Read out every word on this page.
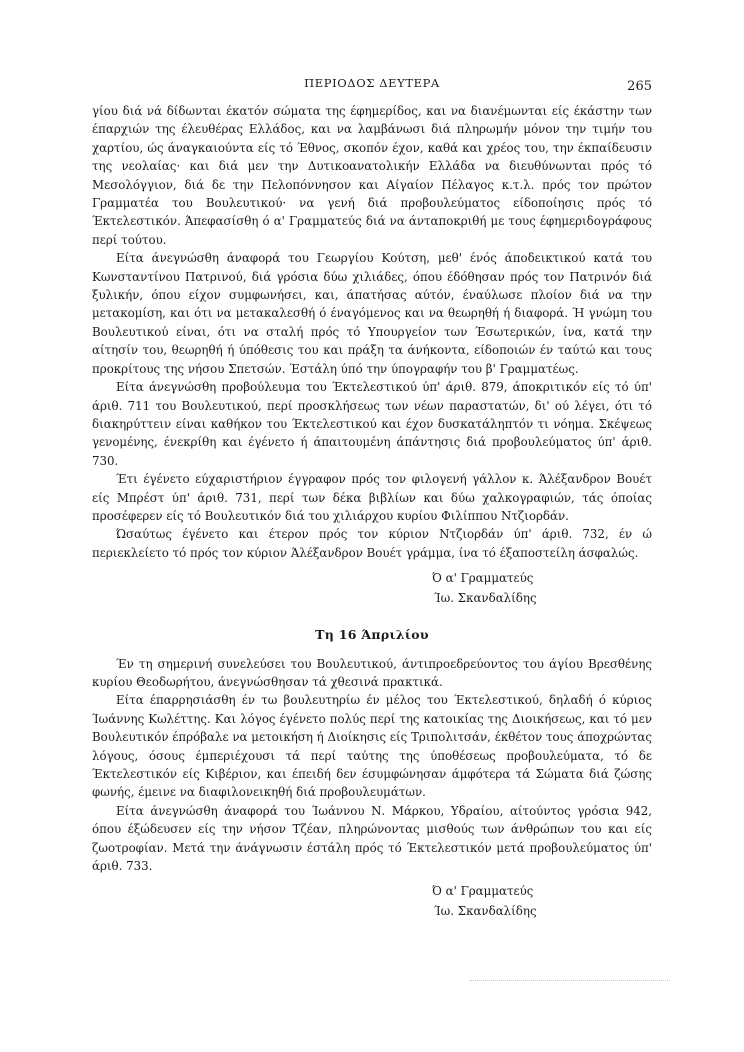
ΠΕΡΙΟΔΟΣ ΔΕΥΤΕΡΑ	265

γίου διά νά δίδωνται έκατόν σώματα της έφημερίδος, και να διανέμωνται είς έκάστην των έπαρχιών της έλευθέρας Ελλάδος, και να λαμβάνωσι διά πληρωμήν μόνον την τιμήν του χαρτίου, ώς άναγκαιούντα είς τό Έθνος, σκοπόν έχον, καθά και χρέος του, την έκπαίδευσιν της νεολαίας· και διά μεν την Δυτικοανατολικήν Ελλάδα να διευθύνωνται πρός τό Μεσολόγγιον, διά δε την Πελοπόννησον και Αίγαίον Πέλαγος κ.τ.λ. πρός τον πρώτον Γραμματέα του Βουλευτικού· να γενή διά προβουλεύματος είδοποίησις πρός τό Έκτελεστικόν. Άπεφασίσθη ό α' Γραμματεύς διά να άνταποκριθή με τους έφημεριδογράφους περί τούτου.

Είτα άνεγνώσθη άναφορά του Γεωργίου Κούτση, μεθ' ένός άποδεικτικού κατά του Κωνσταντίνου Πατρινού, διά γρόσια δύω χιλιάδες, όπου έδόθησαν πρός τον Πατρινόν διά ξυλικήν, όπου είχον συμφωνήσει, και, άπατήσας αύτόν, έναύλωσε πλοίον διά να την μετακομίση, και ότι να μετακαλεσθή ό έναγόμενος και να θεωρηθή ή διαφορά. Ή γνώμη του Βουλευτικού είναι, ότι να σταλή πρός τό Υπουργείον των Έσωτερικών, ίνα, κατά την αίτησίν του, θεωρηθή ή ύπόθεσις του και πράξη τα άνήκοντα, είδοποιών έν ταύτώ και τους προκρίτους της νήσου Σπετσών. Έστάλη ύπό την ύπογραφήν του β' Γραμματέως.

Είτα άνεγνώσθη προβούλευμα του Έκτελεστικού ύπ' άριθ. 879, άποκριτικόν είς τό ύπ' άριθ. 711 του Βουλευτικού, περί προσκλήσεως των νέων παραστατών, δι' ού λέγει, ότι τό διακηρύττειν είναι καθήκον του Έκτελεστικού και έχον δυσκατάληπτόν τι νόημα. Σκέψεως γενομένης, ένεκρίθη και έγένετο ή άπαιτουμένη άπάντησις διά προβουλεύματος ύπ' άριθ. 730.

Έτι έγένετο εύχαριστήριον έγγραφον πρός τον φιλογενή γάλλον κ. Άλέξανδρον Βουέτ είς Μπρέστ ύπ' άριθ. 731, περί των δέκα βιβλίων και δύω χαλκογραφιών, τάς όποίας προσέφερεν είς τό Βουλευτικόν διά του χιλιάρχου κυρίου Φιλίππου Ντζιορδάν.

Ώσαύτως έγένετο και έτερον πρός τον κύριον Ντζιορδάν ύπ' άριθ. 732, έν ώ περιεκλείετο τό πρός τον κύριον Άλέξανδρον Βουέτ γράμμα, ίνα τό έξαποστείλη άσφαλώς.

Ό α' Γραμματεύς
Ίω. Σκανδαλίδης
Τη 16 Άπριλίου

Έν τη σημερινή συνελεύσει του Βουλευτικού, άντιπροεδρεύοντος του άγίου Βρεσθένης κυρίου Θεοδωρήτου, άνεγνώσθησαν τά χθεσινά πρακτικά.

Είτα έπαρρησιάσθη έν τω βουλευτηρίω έν μέλος του Έκτελεστικού, δηλαδή ό κύριος Ίωάννης Κωλέττης. Και λόγος έγένετο πολύς περί της κατοικίας της Διοικήσεως, και τό μεν Βουλευτικόν έπρόβαλε να μετοικήση ή Διοίκησις είς Τριπολιτσάν, έκθέτον τους άποχρώντας λόγους, όσους έμπεριέχουσι τά περί ταύτης της ύποθέσεως προβουλεύματα, τό δε Έκτελεστικόν είς Κιβέριον, και έπειδή δεν έσυμφώνησαν άμφότερα τά Σώματα διά ζώσης φωνής, έμεινε να διαφιλονεικηθή διά προβουλευμάτων.

Είτα άνεγνώσθη άναφορά του Ίωάννου Ν. Μάρκου, Υδραίου, αίτούντος γρόσια 942, όπου έξώδευσεν είς την νήσον Τζέαν, πληρώνοντας μισθούς των άνθρώπων του και είς ζωοτροφίαν. Μετά την άνάγνωσιν έστάλη πρός τό Έκτελεστικόν μετά προβουλεύματος ύπ' άριθ. 733.

Ό α' Γραμματεύς
Ίω. Σκανδαλίδης
